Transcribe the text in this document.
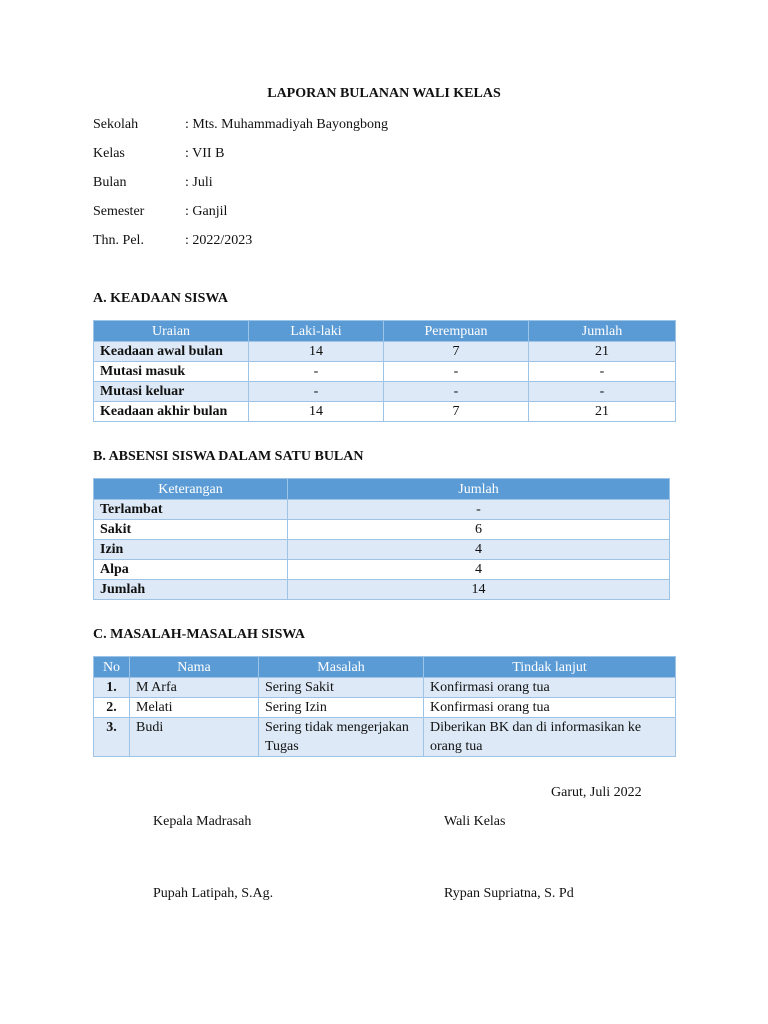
LAPORAN BULANAN WALI KELAS
Sekolah	: Mts. Muhammadiyah Bayongbong
Kelas	: VII B
Bulan	: Juli
Semester	: Ganjil
Thn. Pel.	: 2022/2023
A. KEADAAN SISWA
Uraian	Laki-laki	Perempuan	Jumlah
Keadaan awal bulan	14	7	21
Mutasi masuk	-	-	-
Mutasi keluar	-	-	-
Keadaan akhir bulan	14	7	21
B. ABSENSI SISWA DALAM SATU BULAN
Keterangan	Jumlah
Terlambat	-
Sakit	6
Izin	4
Alpa	4
Jumlah	14
C. MASALAH-MASALAH SISWA
No	Nama	Masalah	Tindak lanjut
1.	M Arfa	Sering Sakit	Konfirmasi orang tua
2.	Melati	Sering Izin	Konfirmasi orang tua
3.	Budi	Sering tidak mengerjakan Tugas	Diberikan BK dan di informasikan ke orang tua
Garut, Juli 2022
Kepala Madrasah	Wali Kelas
Pupah Latipah, S.Ag.	Rypan Supriatna, S. Pd
